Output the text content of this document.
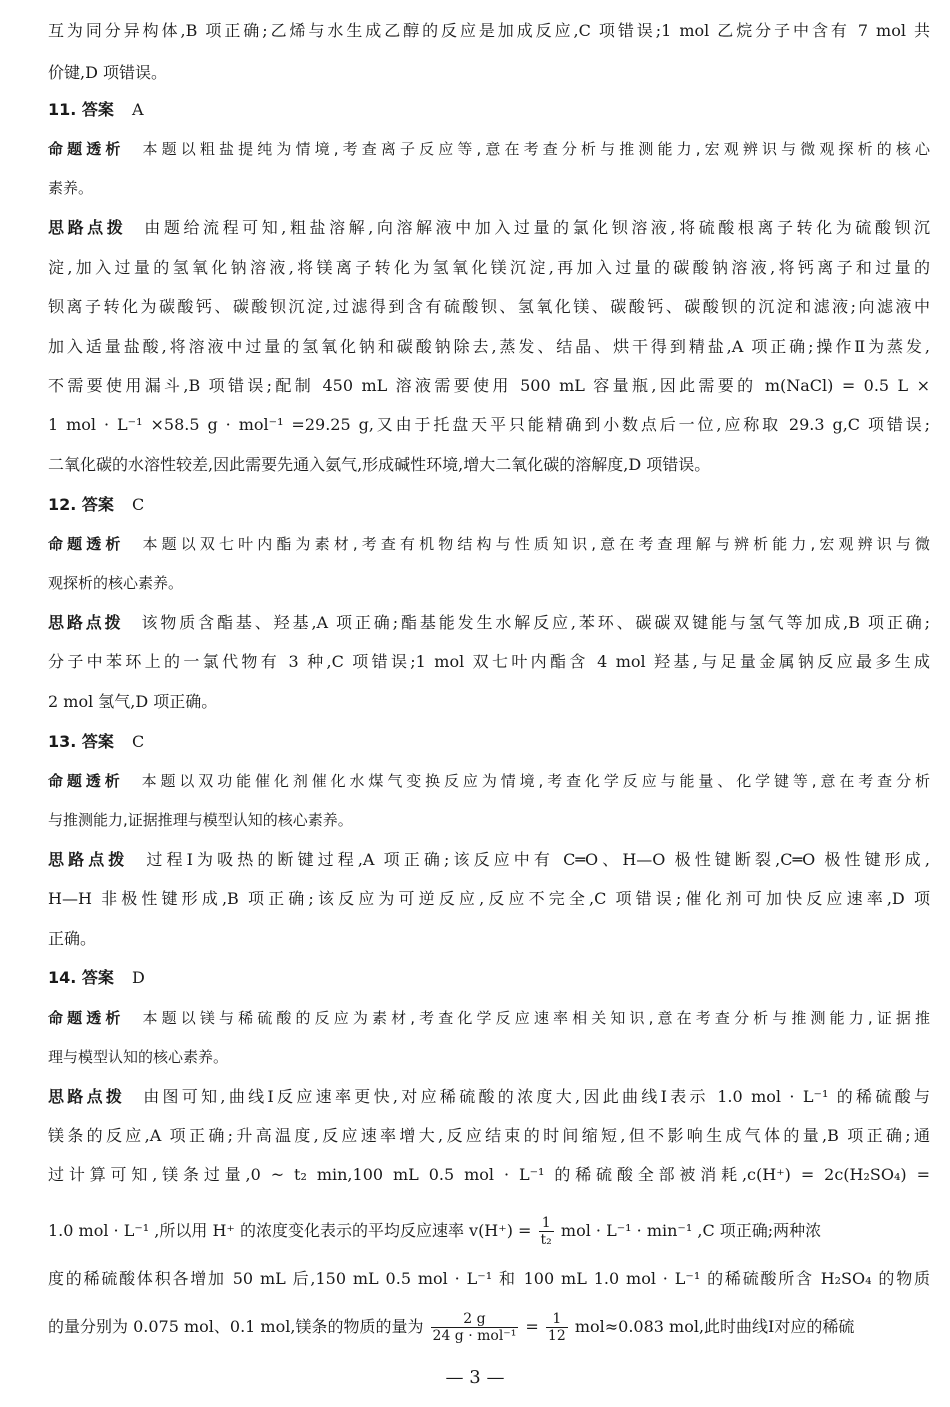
互为同分异构体,B 项正确;乙烯与水生成乙醇的反应是加成反应,C 项错误;1 mol 乙烷分子中含有 7 mol 共
价键,D 项错误。
11. 答案 A
命题透析 本题以粗盐提纯为情境,考查离子反应等,意在考查分析与推测能力,宏观辨识与微观探析的核心
素养。
思路点拨 由题给流程可知,粗盐溶解,向溶解液中加入过量的氯化钡溶液,将硫酸根离子转化为硫酸钡沉
淀,加入过量的氢氧化钠溶液,将镁离子转化为氢氧化镁沉淀,再加入过量的碳酸钠溶液,将钙离子和过量的
钡离子转化为碳酸钙、碳酸钡沉淀,过滤得到含有硫酸钡、氢氧化镁、碳酸钙、碳酸钡的沉淀和滤液;向滤液中
加入适量盐酸,将溶液中过量的氢氧化钠和碳酸钠除去,蒸发、结晶、烘干得到精盐,A 项正确;操作Ⅱ为蒸发,
不需要使用漏斗,B 项错误;配制 450 mL 溶液需要使用 500 mL 容量瓶,因此需要的 m(NaCl) = 0.5 L ×
1 mol · L⁻¹ ×58.5 g · mol⁻¹ =29.25 g,又由于托盘天平只能精确到小数点后一位,应称取 29.3 g,C 项错误;
二氧化碳的水溶性较差,因此需要先通入氨气,形成碱性环境,增大二氧化碳的溶解度,D 项错误。
12. 答案 C
命题透析 本题以双七叶内酯为素材,考查有机物结构与性质知识,意在考查理解与辨析能力,宏观辨识与微
观探析的核心素养。
思路点拨 该物质含酯基、羟基,A 项正确;酯基能发生水解反应,苯环、碳碳双键能与氢气等加成,B 项正确;
分子中苯环上的一氯代物有 3 种,C 项错误;1 mol 双七叶内酯含 4 mol 羟基,与足量金属钠反应最多生成
2 mol 氢气,D 项正确。
13. 答案 C
命题透析 本题以双功能催化剂催化水煤气变换反应为情境,考查化学反应与能量、化学键等,意在考查分析
与推测能力,证据推理与模型认知的核心素养。
思路点拨 过程Ⅰ为吸热的断键过程,A 项正确;该反应中有 C═O、H—O 极性键断裂,C═O 极性键形成,
H—H 非极性键形成,B 项正确;该反应为可逆反应,反应不完全,C 项错误;催化剂可加快反应速率,D 项
正确。
14. 答案 D
命题透析 本题以镁与稀硫酸的反应为素材,考查化学反应速率相关知识,意在考查分析与推测能力,证据推
理与模型认知的核心素养。
思路点拨 由图可知,曲线Ⅰ反应速率更快,对应稀硫酸的浓度大,因此曲线Ⅰ表示 1.0 mol · L⁻¹ 的稀硫酸与
镁条的反应,A 项正确;升高温度,反应速率增大,反应结束的时间缩短,但不影响生成气体的量,B 项正确;通
过计算可知,镁条过量,0 ~ t₂ min,100 mL 0.5 mol · L⁻¹ 的稀硫酸全部被消耗,c(H⁺) = 2c(H₂SO₄) =
1.0 mol · L⁻¹ ,所以用 H⁺ 的浓度变化表示的平均反应速率 $v(H^+) = \frac{1}{\text{t₂}}$ mol · L⁻¹ · min⁻¹ ,C 项正确;两种浓
度的稀硫酸体积各增加 50 mL 后,150 mL 0.5 mol · L⁻¹ 和 100 mL 1.0 mol · L⁻¹ 的稀硫酸所含 H₂SO₄ 的物质
的量分别为 0.075 mol、0.1 mol,镁条的物质的量为 $\frac{2 g}{\text{24 g · mol⁻¹}} = \frac{1}{12} mol\approx 0.083$ mol,此时曲线Ⅰ对应的稀硫
— 3 —
